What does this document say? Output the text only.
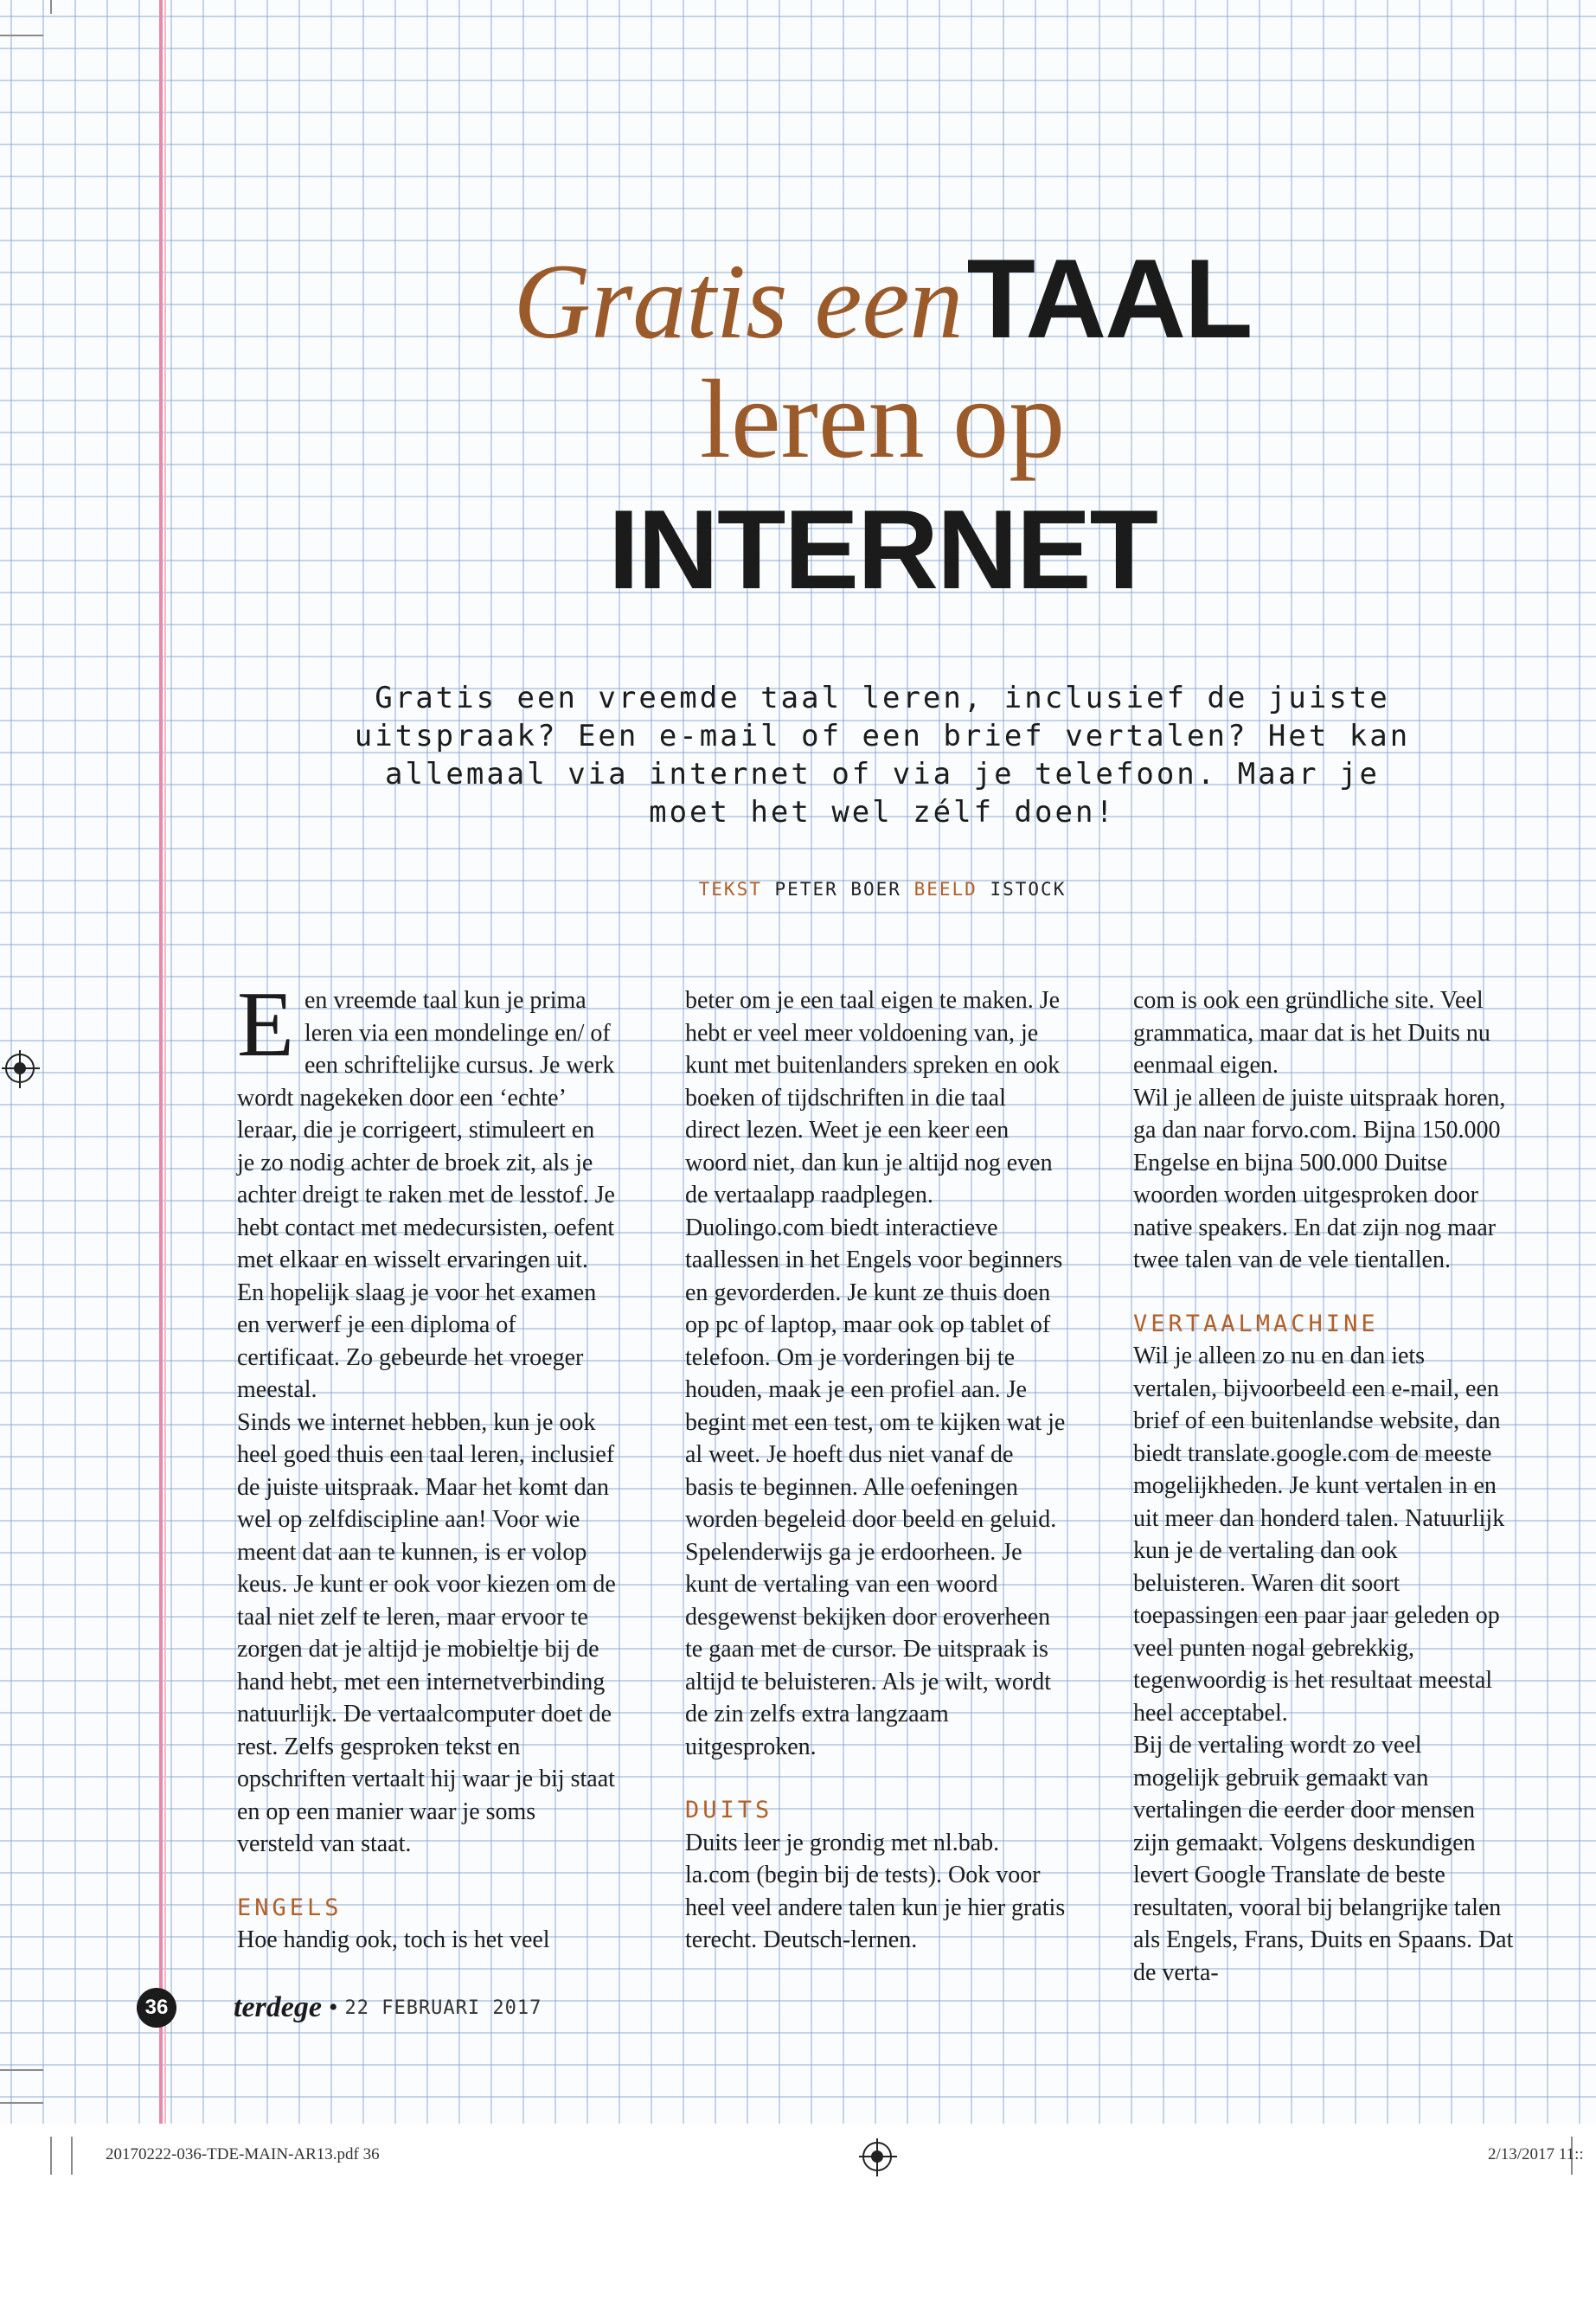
Gratis een TAAL
leren op
INTERNET
Gratis een vreemde taal leren, inclusief de juiste uitspraak? Een e-mail of een brief vertalen? Het kan allemaal via internet of via je telefoon. Maar je moet het wel zélf doen!
TEKST PETER BOER BEELD ISTOCK
E en vreemde taal kun je prima leren via een mondelinge en/ of een schriftelijke cursus. Je werk wordt nagekeken door een ‘echte’ leraar, die je corrigeert, stimuleert en je zo nodig achter de broek zit, als je achter dreigt te raken met de lesstof. Je hebt contact met medecursisten, oefent met elkaar en wisselt ervaringen uit. En hopelijk slaag je voor het examen en verwerf je een diploma of certificaat. Zo gebeurde het vroeger meestal.

Sinds we internet hebben, kun je ook heel goed thuis een taal leren, inclusief de juiste uitspraak. Maar het komt dan wel op zelfdiscipline aan! Voor wie meent dat aan te kunnen, is er volop keus. Je kunt er ook voor kiezen om de taal niet zelf te leren, maar ervoor te zorgen dat je altijd je mobieltje bij de hand hebt, met een internetverbinding natuurlijk. De vertaalcomputer doet de rest. Zelfs gesproken tekst en opschriften vertaalt hij waar je bij staat en op een manier waar je soms versteld van staat.

ENGELS

Hoe handig ook, toch is het veel

beter om je een taal eigen te maken. Je hebt er veel meer voldoening van, je kunt met buitenlanders spreken en ook boeken of tijdschriften in die taal direct lezen. Weet je een keer een woord niet, dan kun je altijd nog even de vertaalapp raadplegen. Duolingo.com biedt interactieve taallessen in het Engels voor beginners en gevorderden. Je kunt ze thuis doen op pc of laptop, maar ook op tablet of telefoon. Om je vorderingen bij te houden, maak je een profiel aan. Je begint met een test, om te kijken wat je al weet. Je hoeft dus niet vanaf de basis te beginnen. Alle oefeningen worden begeleid door beeld en geluid. Spelenderwijs ga je erdoorheen. Je kunt de vertaling van een woord desgewenst bekijken door eroverheen te gaan met de cursor. De uitspraak is altijd te beluisteren. Als je wilt, wordt de zin zelfs extra langzaam uitgesproken.

DUITS

Duits leer je grondig met nl.bab. la.com (begin bij de tests). Ook voor heel veel andere talen kun je hier gratis terecht. Deutsch-lernen.

com is ook een gründliche site. Veel grammatica, maar dat is het Duits nu eenmaal eigen.

Wil je alleen de juiste uitspraak horen, ga dan naar forvo.com. Bijna 150.000 Engelse en bijna 500.000 Duitse woorden worden uitgesproken door native speakers. En dat zijn nog maar twee talen van de vele tientallen.

VERTAALMACHINE

Wil je alleen zo nu en dan iets vertalen, bijvoorbeeld een e-mail, een brief of een buitenlandse website, dan biedt translate.google.com de meeste mogelijkheden. Je kunt vertalen in en uit meer dan honderd talen. Natuurlijk kun je de vertaling dan ook beluisteren. Waren dit soort toepassingen een paar jaar geleden op veel punten nogal gebrekkig, tegenwoordig is het resultaat meestal heel acceptabel.

Bij de vertaling wordt zo veel mogelijk gebruik gemaakt van vertalingen die eerder door mensen zijn gemaakt. Volgens deskundigen levert Google Translate de beste resultaten, vooral bij belangrijke talen als Engels, Frans, Duits en Spaans. Dat de verta-

36 terdege • 22 FEBRUARI 2017
20170222-036-TDE-MAIN-AR13.pdf 36	2/13/2017 11::
